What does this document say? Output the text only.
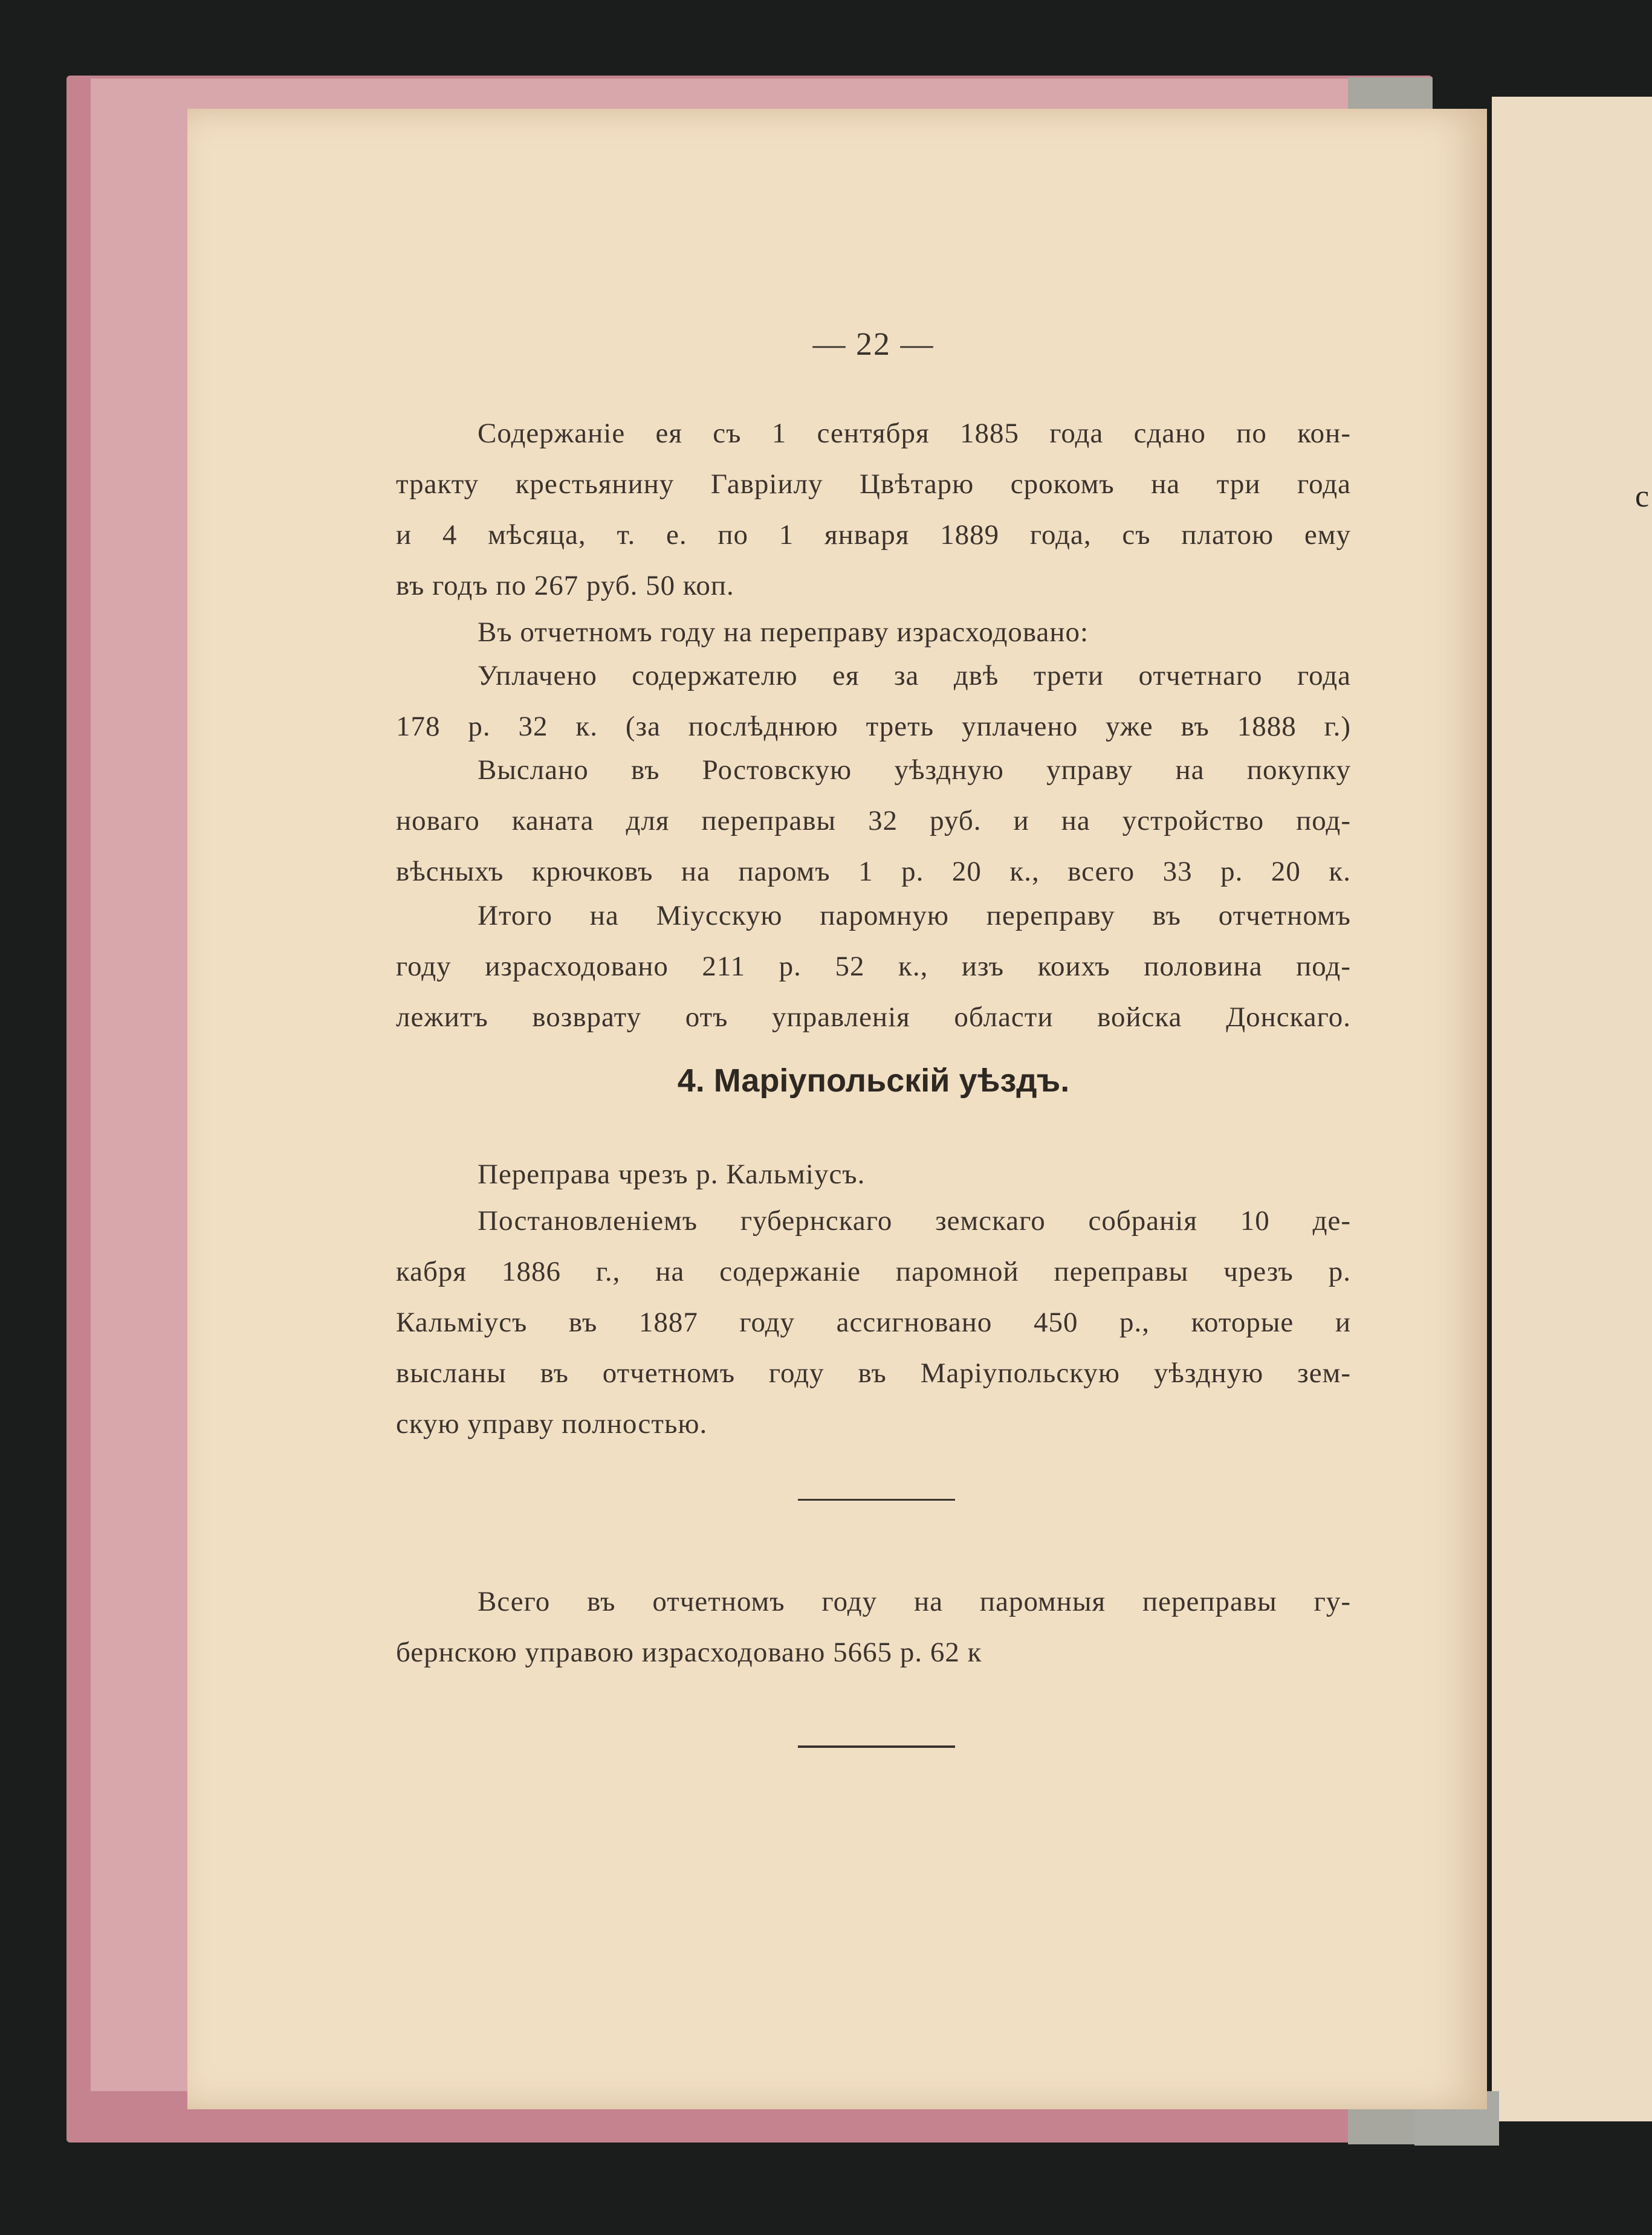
с
— 22 —
Содержаніе ея съ 1 сентября 1885 года сдано по кон-
тракту крестьянину Гавріилу Цвѣтарю срокомъ на три года
и 4 мѣсяца, т. е. по 1 января 1889 года, съ платою ему
въ годъ по 267 руб. 50 коп.
Въ отчетномъ году на переправу израсходовано:
Уплачено содержателю ея за двѣ трети отчетнаго года
178 р. 32 к. (за послѣднюю треть уплачено уже въ 1888 г.)
Выслано въ Ростовскую уѣздную управу на покупку
новаго каната для переправы 32 руб. и на устройство под-
вѣсныхъ крючковъ на паромъ 1 р. 20 к., всего 33 р. 20 к.
Итого на Міусскую паромную переправу въ отчетномъ
году израсходовано 211 р. 52 к., изъ коихъ половина под-
лежитъ возврату отъ управленія области войска Донскаго.
4. Маріупольскій уѣздъ.
Переправа чрезъ р. Кальміусъ.
Постановленіемъ губернскаго земскаго собранія 10 де-
кабря 1886 г., на содержаніе паромной переправы чрезъ р.
Кальміусъ въ 1887 году ассигновано 450 р., которые и
высланы въ отчетномъ году въ Маріупольскую уѣздную зем-
скую управу полностью.
Всего въ отчетномъ году на паромныя переправы гу-
бернскою управою израсходовано 5665 р. 62 к
